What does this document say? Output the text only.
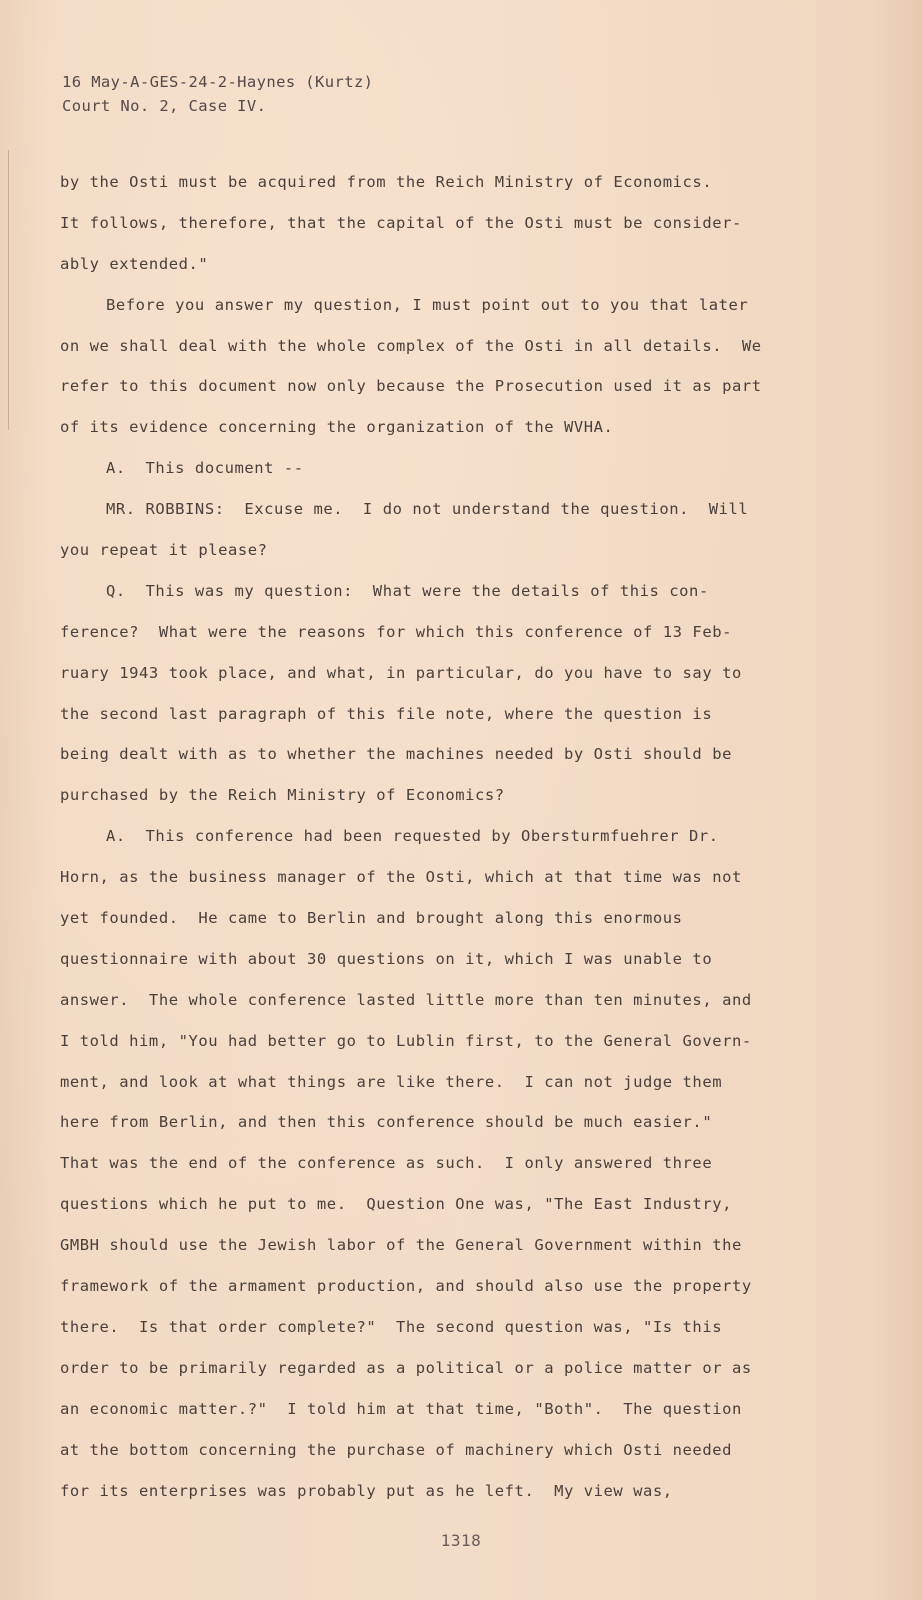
16 May-A-GES-24-2-Haynes (Kurtz)
Court No. 2, Case IV.
by the Osti must be acquired from the Reich Ministry of Economics.
It follows, therefore, that the capital of the Osti must be consider-
ably extended."
Before you answer my question, I must point out to you that later
on we shall deal with the whole complex of the Osti in all details.  We
refer to this document now only because the Prosecution used it as part
of its evidence concerning the organization of the WVHA.
A.  This document --
MR. ROBBINS:  Excuse me.  I do not understand the question.  Will
you repeat it please?
Q.  This was my question:  What were the details of this con-
ference?  What were the reasons for which this conference of 13 Feb-
ruary 1943 took place, and what, in particular, do you have to say to
the second last paragraph of this file note, where the question is
being dealt with as to whether the machines needed by Osti should be
purchased by the Reich Ministry of Economics?
A.  This conference had been requested by Obersturmfuehrer Dr.
Horn, as the business manager of the Osti, which at that time was not
yet founded.  He came to Berlin and brought along this enormous
questionnaire with about 30 questions on it, which I was unable to
answer.  The whole conference lasted little more than ten minutes, and
I told him, "You had better go to Lublin first, to the General Govern-
ment, and look at what things are like there.  I can not judge them
here from Berlin, and then this conference should be much easier."
That was the end of the conference as such.  I only answered three
questions which he put to me.  Question One was, "The East Industry,
GMBH should use the Jewish labor of the General Government within the
framework of the armament production, and should also use the property
there.  Is that order complete?"  The second question was, "Is this
order to be primarily regarded as a political or a police matter or as
an economic matter.?"  I told him at that time, "Both".  The question
at the bottom concerning the purchase of machinery which Osti needed
for its enterprises was probably put as he left.  My view was,
1318
